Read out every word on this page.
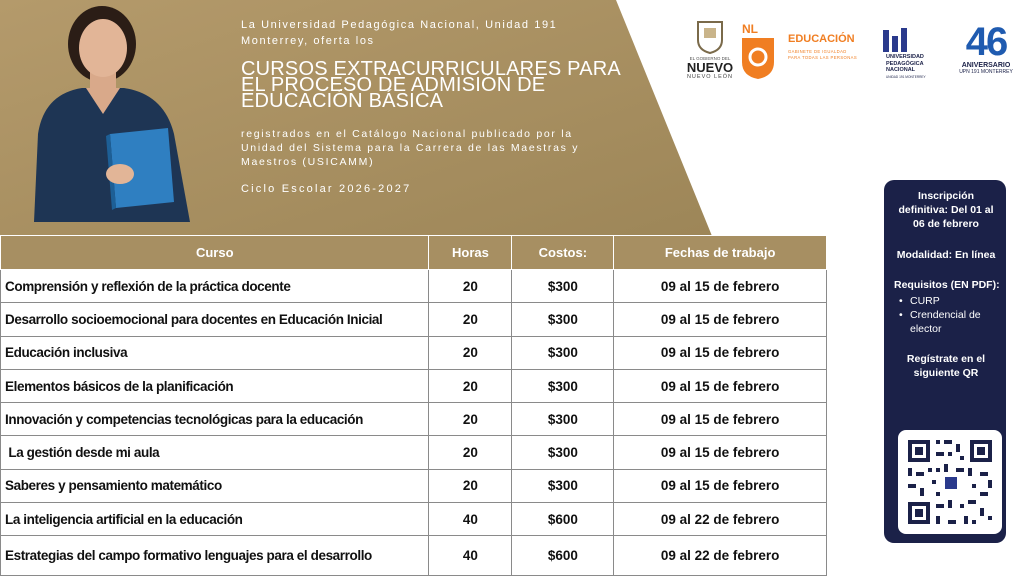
La Universidad Pedagógica Nacional, Unidad 191 Monterrey, oferta los
CURSOS EXTRACURRICULARES PARA EL PROCESO DE ADMISIÓN DE EDUCACIÓN BÁSICA
registrados en el Catálogo Nacional publicado por la Unidad del Sistema para la Carrera de las Maestras y Maestros (USICAMM)
Ciclo Escolar 2026-2027
EL GOBIERNO DEL
NUEVO
NUEVO LEÓN
NL
EDUCACIÓN
GABINETE DE IGUALDAD
PARA TODAS LAS PERSONAS	UNIVERSIDAD
PEDAGÓGICA
NACIONAL
UNIDAD 191 MONTERREY
46
ANIVERSARIO
UPN 191 MONTERREY
Curso	Horas	Costos:	Fechas de trabajo
Comprensión y reflexión de la práctica docente	20	$300	09 al 15 de febrero
Desarrollo socioemocional para docentes en Educación Inicial	20	$300	09 al 15 de febrero
Educación inclusiva	20	$300	09 al 15 de febrero
Elementos básicos de la planificación	20	$300	09 al 15 de febrero
Innovación y competencias tecnológicas para la educación	20	$300	09 al 15 de febrero
La gestión desde mi aula	20	$300	09 al 15 de febrero
Saberes y pensamiento matemático	20	$300	09 al 15 de febrero
La inteligencia artificial en la educación	40	$600	09 al 22 de febrero
Estrategias del campo formativo lenguajes para el desarrollo	40	$600	09 al 22 de febrero
Inscripción definitiva: Del 01 al 06 de febrero
Modalidad: En línea
Requisitos (EN PDF):
• CURP
• Crendencial de elector
Regístrate en el siguiente QR
